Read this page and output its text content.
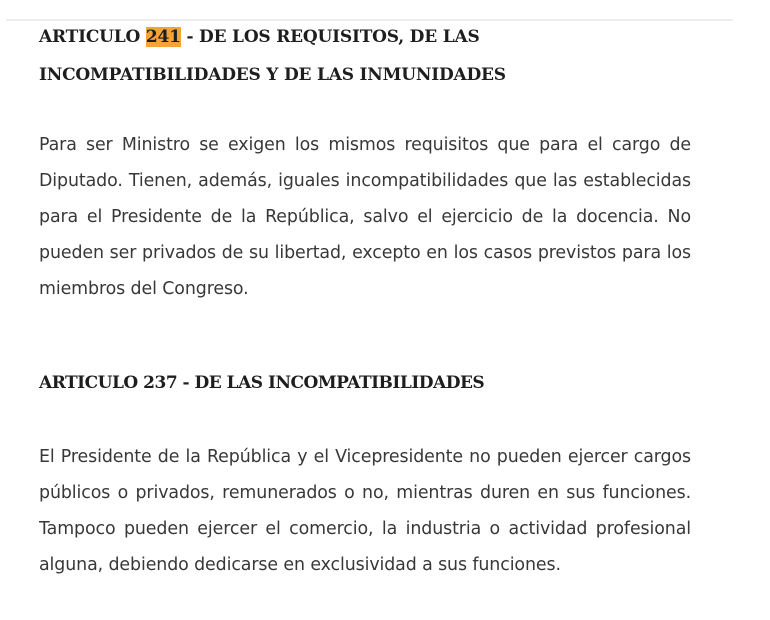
ARTICULO 241 - DE LOS REQUISITOS, DE LAS INCOMPATIBILIDADES Y DE LAS INMUNIDADES

Para ser Ministro se exigen los mismos requisitos que para el cargo de Diputado. Tienen, además, iguales incompatibilidades que las establecidas para el Presidente de la República, salvo el ejercicio de la docencia. No pueden ser privados de su libertad, excepto en los casos previstos para los miembros del Congreso.

ARTICULO 237 - DE LAS INCOMPATIBILIDADES

El Presidente de la República y el Vicepresidente no pueden ejercer cargos públicos o privados, remunerados o no, mientras duren en sus funciones. Tampoco pueden ejercer el comercio, la industria o actividad profesional alguna, debiendo dedicarse en exclusividad a sus funciones.
